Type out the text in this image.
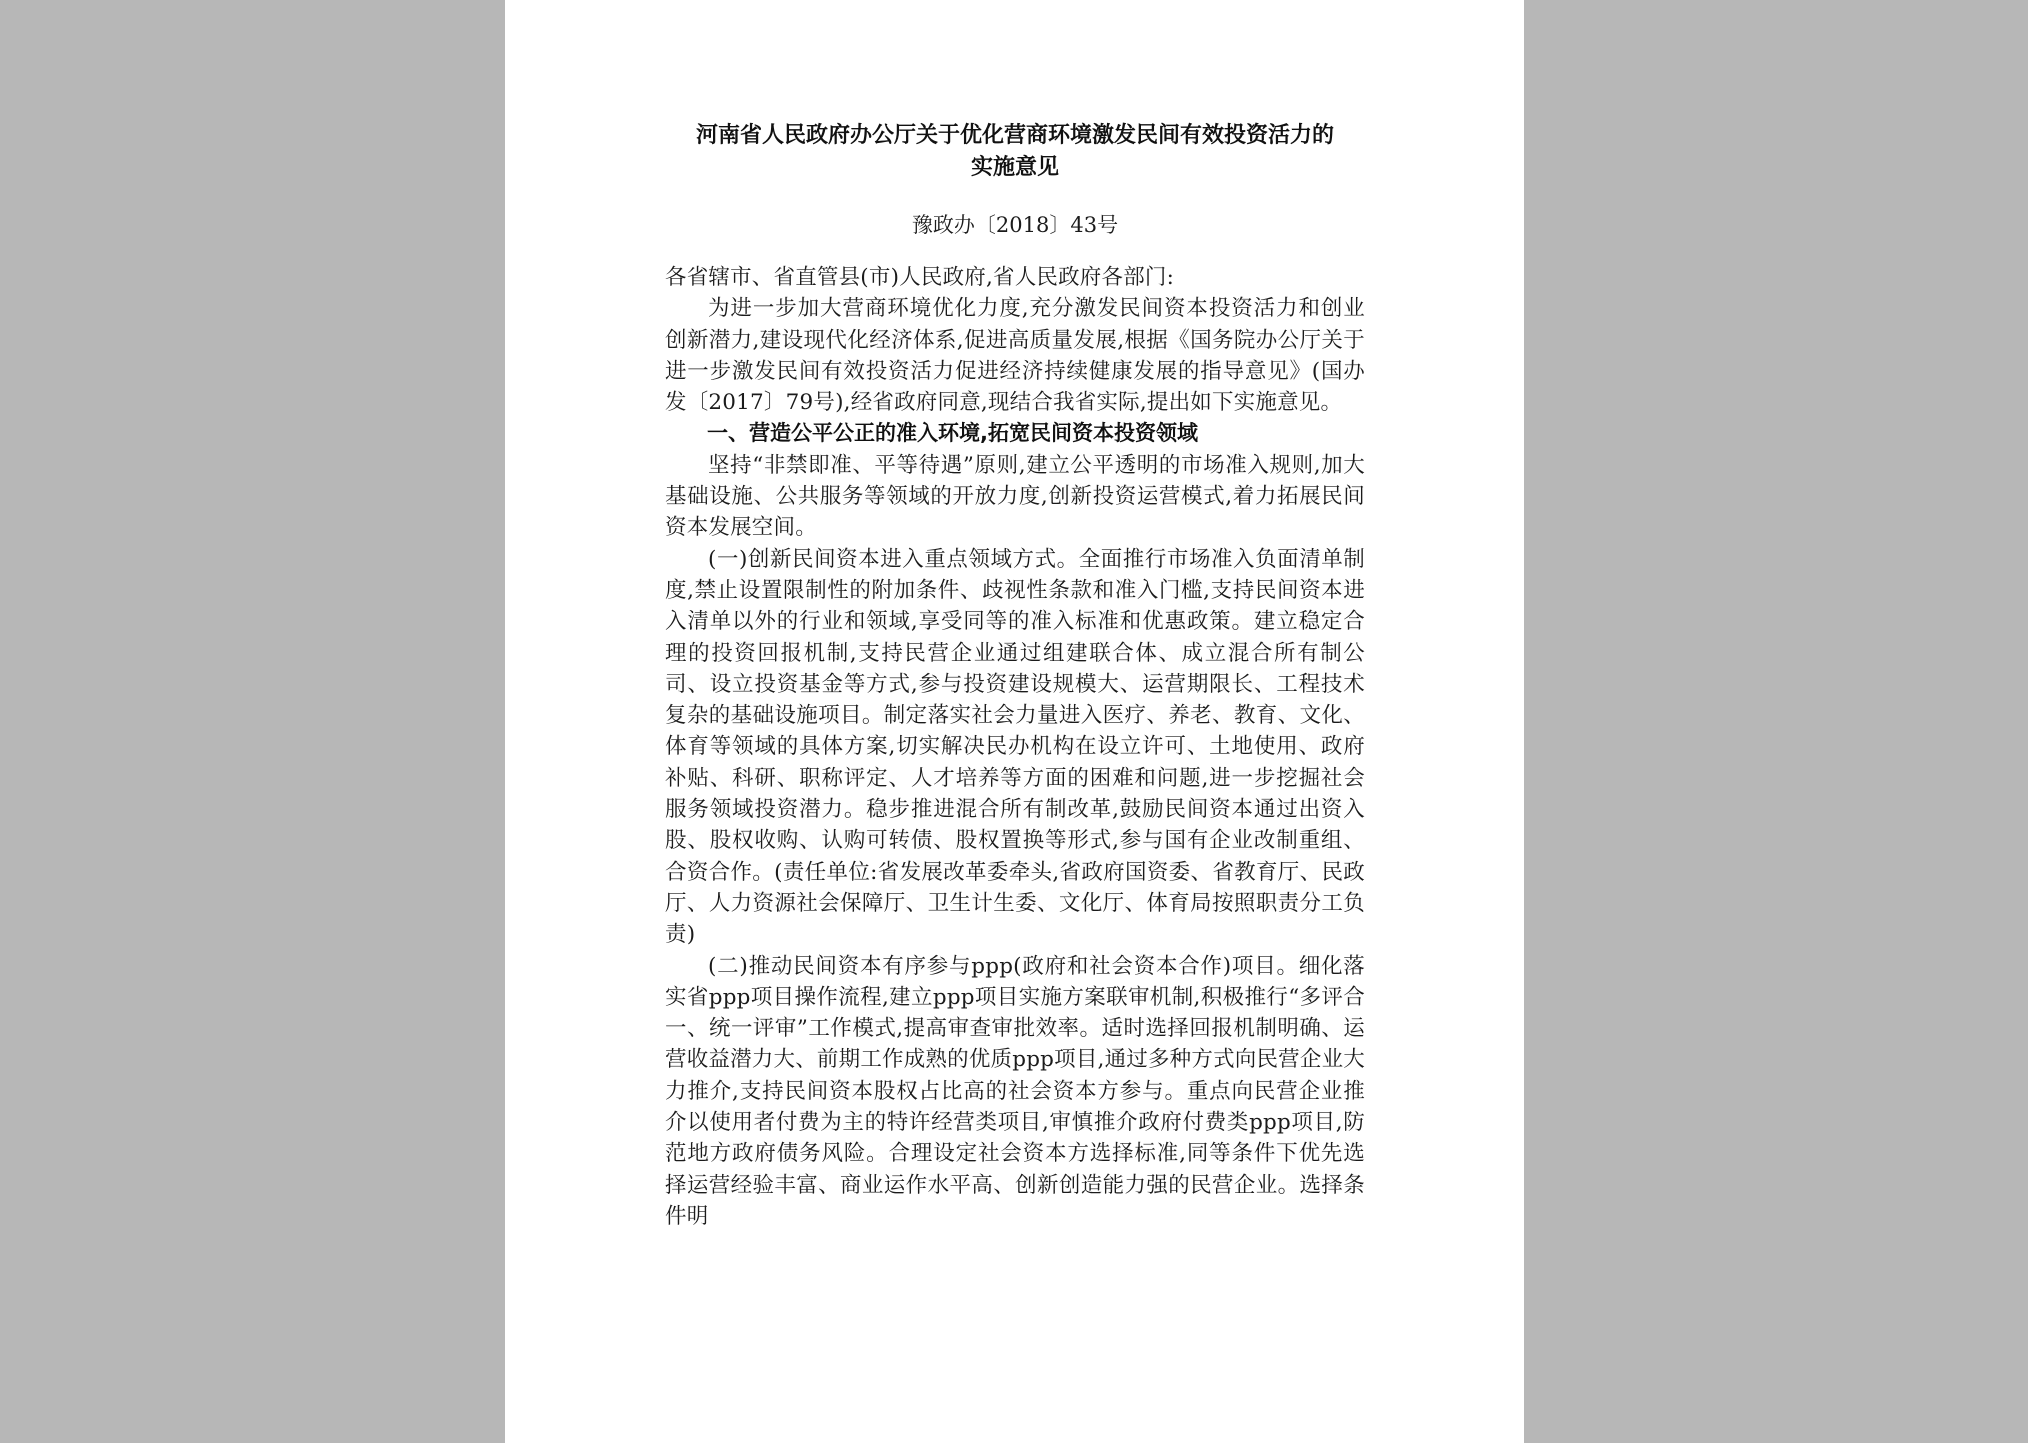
河南省人民政府办公厅关于优化营商环境激发民间有效投资活力的
实施意见
豫政办〔2018〕43号

各省辖市、省直管县(市)人民政府,省人民政府各部门:

为进一步加大营商环境优化力度,充分激发民间资本投资活力和创业创新潜力,建设现代化经济体系,促进高质量发展,根据《国务院办公厅关于进一步激发民间有效投资活力促进经济持续健康发展的指导意见》(国办发〔2017〕79号),经省政府同意,现结合我省实际,提出如下实施意见。

一、营造公平公正的准入环境,拓宽民间资本投资领域

坚持“非禁即准、平等待遇”原则,建立公平透明的市场准入规则,加大基础设施、公共服务等领域的开放力度,创新投资运营模式,着力拓展民间资本发展空间。

(一)创新民间资本进入重点领域方式。全面推行市场准入负面清单制度,禁止设置限制性的附加条件、歧视性条款和准入门槛,支持民间资本进入清单以外的行业和领域,享受同等的准入标准和优惠政策。建立稳定合理的投资回报机制,支持民营企业通过组建联合体、成立混合所有制公司、设立投资基金等方式,参与投资建设规模大、运营期限长、工程技术复杂的基础设施项目。制定落实社会力量进入医疗、养老、教育、文化、体育等领域的具体方案,切实解决民办机构在设立许可、土地使用、政府补贴、科研、职称评定、人才培养等方面的困难和问题,进一步挖掘社会服务领域投资潜力。稳步推进混合所有制改革,鼓励民间资本通过出资入股、股权收购、认购可转债、股权置换等形式,参与国有企业改制重组、合资合作。(责任单位:省发展改革委牵头,省政府国资委、省教育厅、民政厅、人力资源社会保障厅、卫生计生委、文化厅、体育局按照职责分工负责)

(二)推动民间资本有序参与ppp(政府和社会资本合作)项目。细化落实省ppp项目操作流程,建立ppp项目实施方案联审机制,积极推行“多评合一、统一评审”工作模式,提高审查审批效率。适时选择回报机制明确、运营收益潜力大、前期工作成熟的优质ppp项目,通过多种方式向民营企业大力推介,支持民间资本股权占比高的社会资本方参与。重点向民营企业推介以使用者付费为主的特许经营类项目,审慎推介政府付费类ppp项目,防范地方政府债务风险。合理设定社会资本方选择标准,同等条件下优先选择运营经验丰富、商业运作水平高、创新创造能力强的民营企业。选择条件明
